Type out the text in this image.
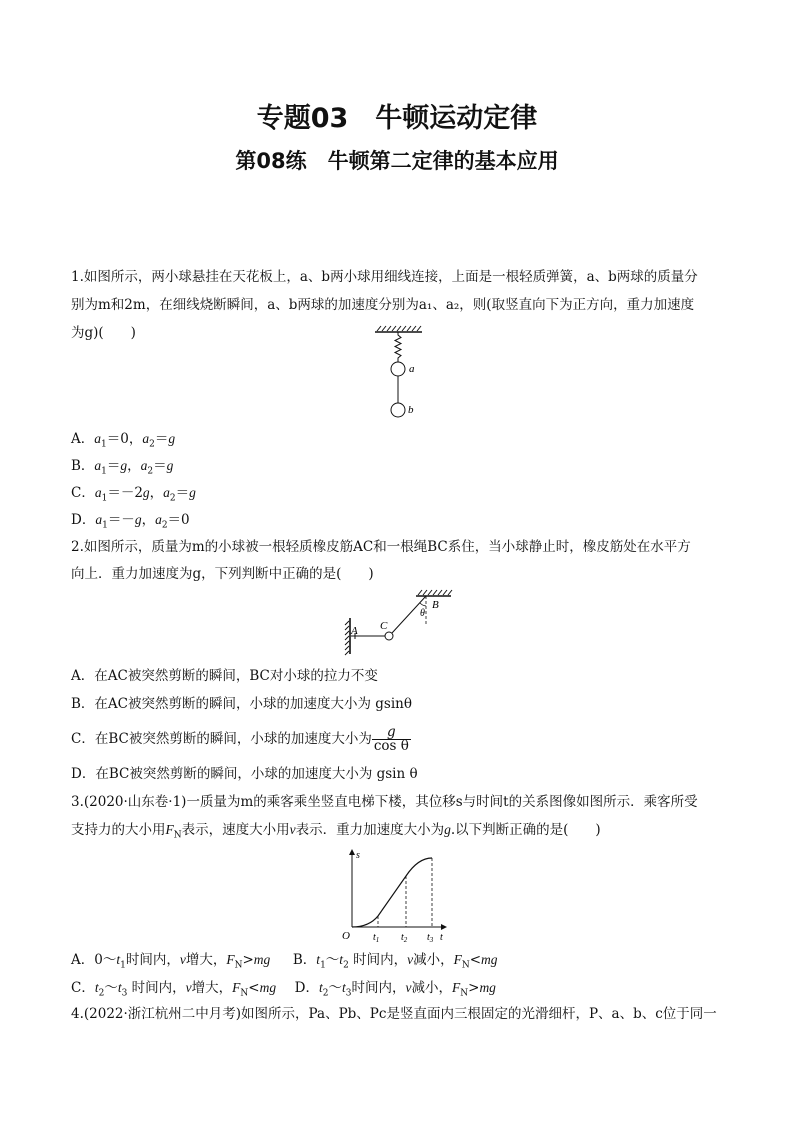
专题03　牛顿运动定律
第08练　牛顿第二定律的基本应用
1.如图所示，两小球悬挂在天花板上，a、b两小球用细线连接，上面是一根轻质弹簧，a、b两球的质量分
别为m和2m，在细线烧断瞬间，a、b两球的加速度分别为a₁、a₂，则(取竖直向下为正方向，重力加速度
为g)(　　)
a
b
A．$a_1=0$，$a_2=g$
B．$a_1=g$，$a_2=g$
C．$a_1=-2g$，$a_2=g$
D．$a_1=-g$，$a_2=0$
2.如图所示，质量为m的小球被一根轻质橡皮筋AC和一根绳BC系住，当小球静止时，橡皮筋处在水平方
向上．重力加速度为g，下列判断中正确的是(　　)
A C
B
θ
A．在AC被突然剪断的瞬间，BC对小球的拉力不变
B．在AC被突然剪断的瞬间，小球的加速度大小为 gsinθ
C．在BC被突然剪断的瞬间，小球的加速度大小为 $\frac{g}{\text{cos θ}}$
D．在BC被突然剪断的瞬间，小球的加速度大小为 gsin θ
3.(2020·山东卷·1)一质量为m的乘客乘坐竖直电梯下楼，其位移s与时间t的关系图像如图所示．乘客所受
支持力的大小用$F_N$表示，速度大小用v表示．重力加速度大小为g.以下判断正确的是(　　)
s
t
O $t_1$ $t_2$ $t_3$
A．$0\sim t_1$时间内，v增大，$F_N>mg$ B．$t_1\sim t_2$ 时间内，v减小，$F_N<mg$
C．$t_2\sim t_3$ 时间内，v增大，$F_N<mg$ D．$t_2\sim t_3$时间内，v减小，$F_N>mg$
4.(2022·浙江杭州二中月考)如图所示，Pa、Pb、Pc是竖直面内三根固定的光滑细杆，P、a、b、c位于同一
